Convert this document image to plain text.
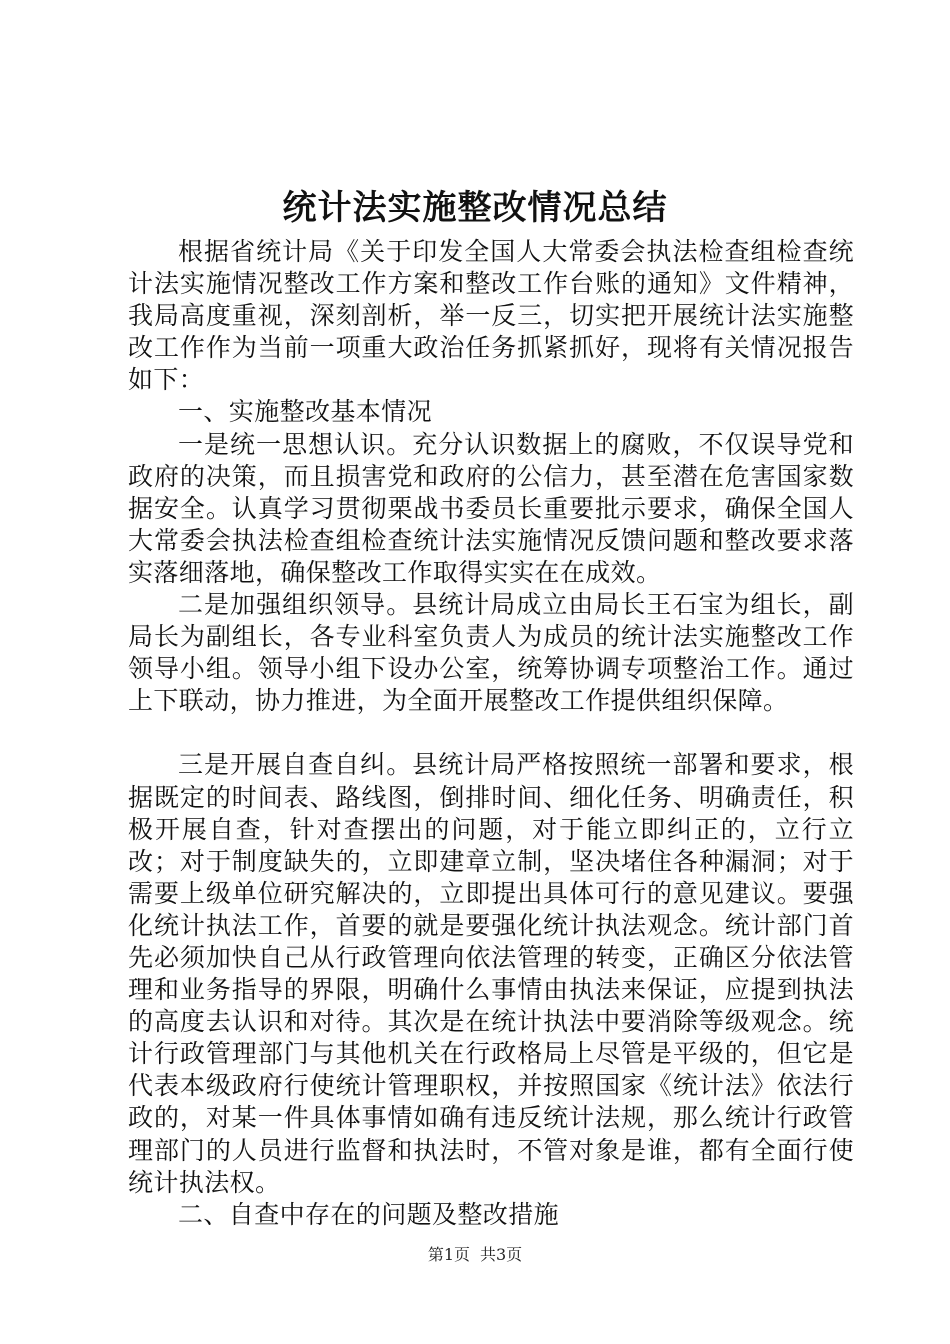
统计法实施整改情况总结

根据省统计局《关于印发全国人大常委会执法检查组检查统计法实施情况整改工作方案和整改工作台账的通知》文件精神，我局高度重视，深刻剖析，举一反三，切实把开展统计法实施整改工作作为当前一项重大政治任务抓紧抓好，现将有关情况报告如下：

一、实施整改基本情况

一是统一思想认识。充分认识数据上的腐败，不仅误导党和政府的决策，而且损害党和政府的公信力，甚至潜在危害国家数据安全。认真学习贯彻栗战书委员长重要批示要求，确保全国人大常委会执法检查组检查统计法实施情况反馈问题和整改要求落实落细落地，确保整改工作取得实实在在成效。

二是加强组织领导。县统计局成立由局长王石宝为组长，副局长为副组长，各专业科室负责人为成员的统计法实施整改工作领导小组。领导小组下设办公室，统筹协调专项整治工作。通过上下联动，协力推进，为全面开展整改工作提供组织保障。

三是开展自查自纠。县统计局严格按照统一部署和要求，根据既定的时间表、路线图，倒排时间、细化任务、明确责任，积极开展自查，针对查摆出的问题，对于能立即纠正的，立行立改；对于制度缺失的，立即建章立制，坚决堵住各种漏洞；对于需要上级单位研究解决的，立即提出具体可行的意见建议。要强化统计执法工作，首要的就是要强化统计执法观念。统计部门首先必须加快自己从行政管理向依法管理的转变，正确区分依法管理和业务指导的界限，明确什么事情由执法来保证，应提到执法的高度去认识和对待。其次是在统计执法中要消除等级观念。统计行政管理部门与其他机关在行政格局上尽管是平级的，但它是代表本级政府行使统计管理职权，并按照国家《统计法》依法行政的，对某一件具体事情如确有违反统计法规，那么统计行政管理部门的人员进行监督和执法时，不管对象是谁，都有全面行使统计执法权。

二、自查中存在的问题及整改措施

第1页 共3页
